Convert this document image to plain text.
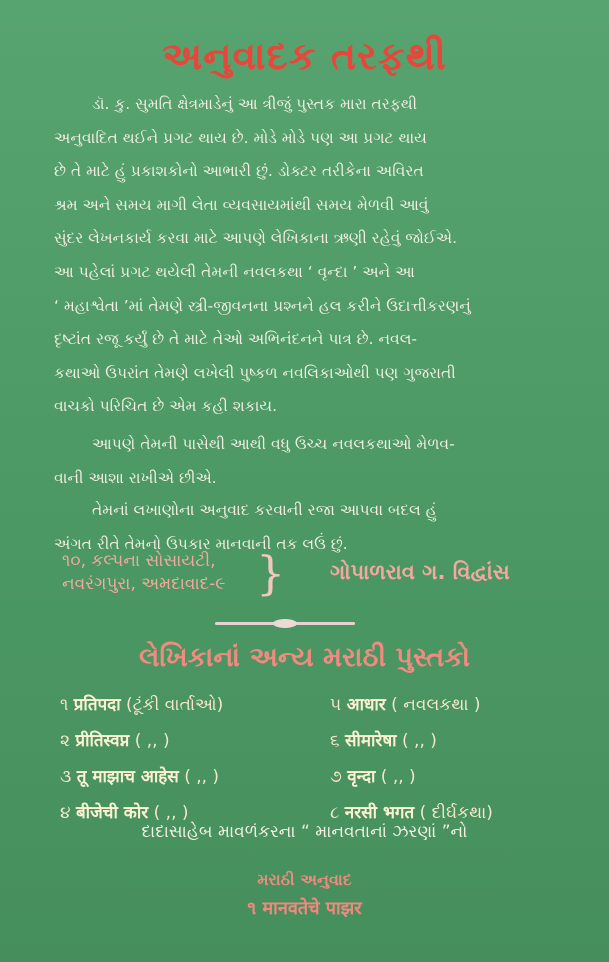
અનુવાદક તરફથી

ડૉ. કુ. સુમતિ ક્ષેત્રમાડેનું આ ત્રીજું પુસ્તક મારા તરફથી
અનુવાદિત થઈને પ્રગટ થાય છે. મોડે મોડે પણ આ પ્રગટ થાય
છે તે માટે હું પ્રકાશકોનો આભારી છું. ડોક્ટર તરીકેના અવિરત
શ્રમ અને સમય માગી લેતા વ્યવસાયમાંથી સમય મેળવી આવું
સુંદર લેખનકાર્ય કરવા માટે આપણે લેખિકાના ઋણી રહેવું જોઈએ.
આ પહેલાં પ્રગટ થયેલી તેમની નવલકથા ‘ વૃન્દા ’ અને આ
‘ મહાશ્વેતા ’માં તેમણે સ્ત્રી-જીવનના પ્રશ્નને હલ કરીને ઉદાત્તીકરણનું
દૃષ્ટાંત રજૂ કર્યું છે તે માટે તેઓ અભિનંદનને પાત્ર છે. નવલ-
કથાઓ ઉપરાંત તેમણે લખેલી પુષ્કળ નવલિકાઓથી પણ ગુજરાતી
વાચકો પરિચિત છે એમ કહી શકાય.

આપણે તેમની પાસેથી આથી વધુ ઉચ્ચ નવલકથાઓ મેળવ-
વાની આશા રાખીએ છીએ.

તેમનાં લખાણોના અનુવાદ કરવાની રજા આપવા બદલ હું
અંગત રીતે તેમનો ઉપકાર માનવાની તક લઉં છું.

૧૦, કલ્પના સોસાયટી,
નવરંગપુરા, અમદાવાદ-૯ } ગોપાળરાવ ગ. વિદ્વાંસ
લેખિકાનાં અન્ય મરાઠી પુસ્તકો
૧ प्रतिपदा (ટૂંકી વાર્તાઓ)	૫ आधार ( નવલકથા )
૨ प्रीतिस्वप्न ( ,, )	૬ सीमारेषा ( ,, )
૩ तू माझाच आहेस ( ,, )	૭ वृन्दा ( ,, )
૪ बीजेची कोर ( ,, )	૮ नरसी भगत ( દીર્ઘકથા)
દાદાસાહેબ માવળંકરના “ માનવતાનાં ઝરણાં ”નો
મરાઠી અનુવાદ
૧ मानवतेचे पाझर
